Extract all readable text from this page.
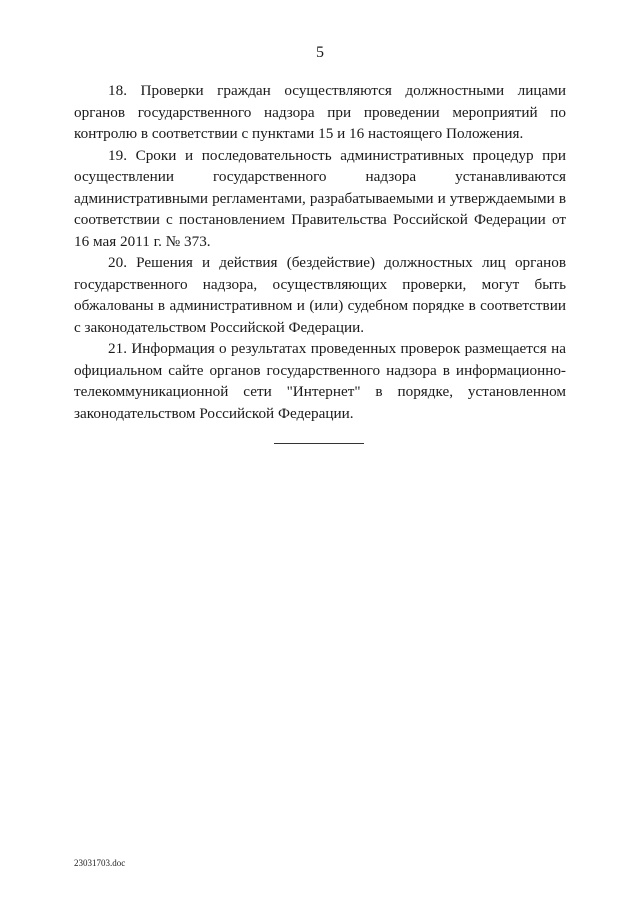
5

18. Проверки граждан осуществляются должностными лицами органов государственного надзора при проведении мероприятий по контролю в соответствии с пунктами 15 и 16 настоящего Положения.

19. Сроки и последовательность административных процедур при осуществлении государственного надзора устанавливаются административными регламентами, разрабатываемыми и утверждаемыми в соответствии с постановлением Правительства Российской Федерации от 16 мая 2011 г. № 373.

20. Решения и действия (бездействие) должностных лиц органов государственного надзора, осуществляющих проверки, могут быть обжалованы в административном и (или) судебном порядке в соответствии с законодательством Российской Федерации.

21. Информация о результатах проведенных проверок размещается на официальном сайте органов государственного надзора в информационно-телекоммуникационной сети "Интернет" в порядке, установленном законодательством Российской Федерации.

23031703.doc
